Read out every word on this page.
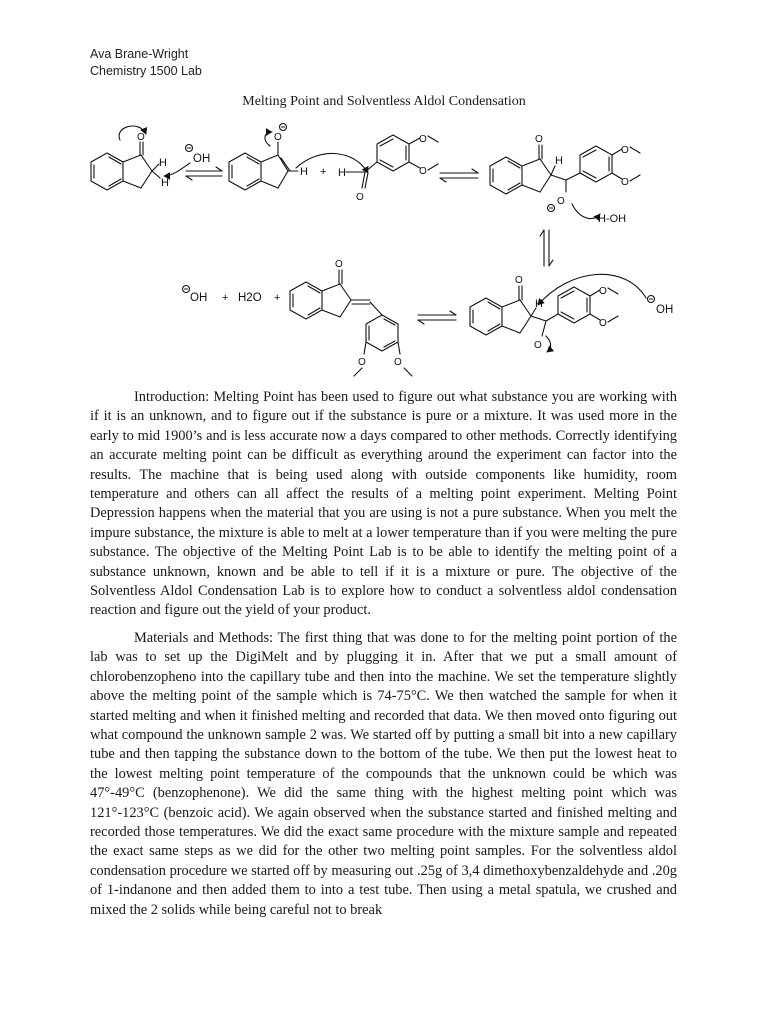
Ava Brane-Wright
Chemistry 1500 Lab
Melting Point and Solventless Aldol Condensation
O
H
H
OH
O
H + H
O
O
O
O
H
O
O
O
H-OH
OH + H2O +
O
O
O
O
H
O
O
O
OH

Introduction: Melting Point has been used to figure out what substance you are working with if it is an unknown, and to figure out if the substance is pure or a mixture. It was used more in the early to mid 1900’s and is less accurate now a days compared to other methods. Correctly identifying an accurate melting point can be difficult as everything around the experiment can factor into the results. The machine that is being used along with outside components like humidity, room temperature and others can all affect the results of a melting point experiment. Melting Point Depression happens when the material that you are using is not a pure substance. When you melt the impure substance, the mixture is able to melt at a lower temperature than if you were melting the pure substance. The objective of the Melting Point Lab is to be able to identify the melting point of a substance unknown, known and be able to tell if it is a mixture or pure. The objective of the Solventless Aldol Condensation Lab is to explore how to conduct a solventless aldol condensation reaction and figure out the yield of your product.

Materials and Methods: The first thing that was done to for the melting point portion of the lab was to set up the DigiMelt and by plugging it in. After that we put a small amount of chlorobenzopheno into the capillary tube and then into the machine. We set the temperature slightly above the melting point of the sample which is 74-75°C. We then watched the sample for when it started melting and when it finished melting and recorded that data. We then moved onto figuring out what compound the unknown sample 2 was. We started off by putting a small bit into a new capillary tube and then tapping the substance down to the bottom of the tube. We then put the lowest heat to the lowest melting point temperature of the compounds that the unknown could be which was 47°-49°C (benzophenone). We did the same thing with the highest melting point which was 121°-123°C (benzoic acid). We again observed when the substance started and finished melting and recorded those temperatures. We did the exact same procedure with the mixture sample and repeated the exact same steps as we did for the other two melting point samples. For the solventless aldol condensation procedure we started off by measuring out .25g of 3,4 dimethoxybenzaldehyde and .20g of 1-indanone and then added them to into a test tube. Then using a metal spatula, we crushed and mixed the 2 solids while being careful not to break
